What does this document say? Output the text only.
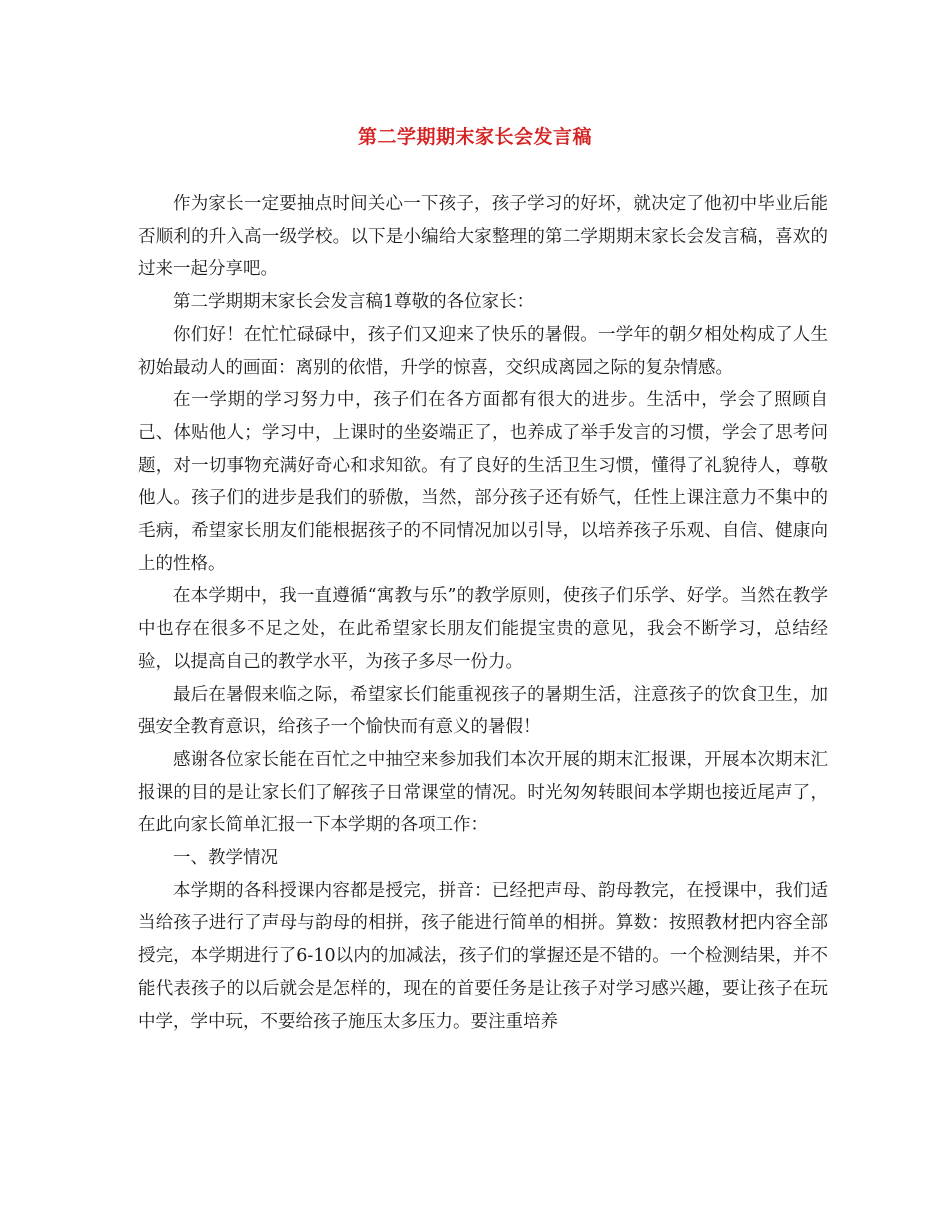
第二学期期末家长会发言稿

作为家长一定要抽点时间关心一下孩子，孩子学习的好坏，就决定了他初中毕业后能否顺利的升入高一级学校。以下是小编给大家整理的第二学期期末家长会发言稿，喜欢的过来一起分享吧。

第二学期期末家长会发言稿1尊敬的各位家长：

你们好！在忙忙碌碌中，孩子们又迎来了快乐的暑假。一学年的朝夕相处构成了人生初始最动人的画面：离别的依惜，升学的惊喜，交织成离园之际的复杂情感。

在一学期的学习努力中，孩子们在各方面都有很大的进步。生活中，学会了照顾自己、体贴他人；学习中，上课时的坐姿端正了，也养成了举手发言的习惯，学会了思考问题，对一切事物充满好奇心和求知欲。有了良好的生活卫生习惯，懂得了礼貌待人，尊敬他人。孩子们的进步是我们的骄傲，当然，部分孩子还有娇气，任性上课注意力不集中的毛病，希望家长朋友们能根据孩子的不同情况加以引导，以培养孩子乐观、自信、健康向上的性格。

在本学期中，我一直遵循“寓教与乐”的教学原则，使孩子们乐学、好学。当然在教学中也存在很多不足之处，在此希望家长朋友们能提宝贵的意见，我会不断学习，总结经验，以提高自己的教学水平，为孩子多尽一份力。

最后在暑假来临之际，希望家长们能重视孩子的暑期生活，注意孩子的饮食卫生，加强安全教育意识，给孩子一个愉快而有意义的暑假！

感谢各位家长能在百忙之中抽空来参加我们本次开展的期末汇报课，开展本次期末汇报课的目的是让家长们了解孩子日常课堂的情况。时光匆匆转眼间本学期也接近尾声了，在此向家长简单汇报一下本学期的各项工作：

一、教学情况

本学期的各科授课内容都是授完，拼音：已经把声母、韵母教完，在授课中，我们适当给孩子进行了声母与韵母的相拼，孩子能进行简单的相拼。算数：按照教材把内容全部授完，本学期进行了6-10以内的加减法，孩子们的掌握还是不错的。一个检测结果，并不能代表孩子的以后就会是怎样的，现在的首要任务是让孩子对学习感兴趣，要让孩子在玩中学，学中玩，不要给孩子施压太多压力。要注重培养
